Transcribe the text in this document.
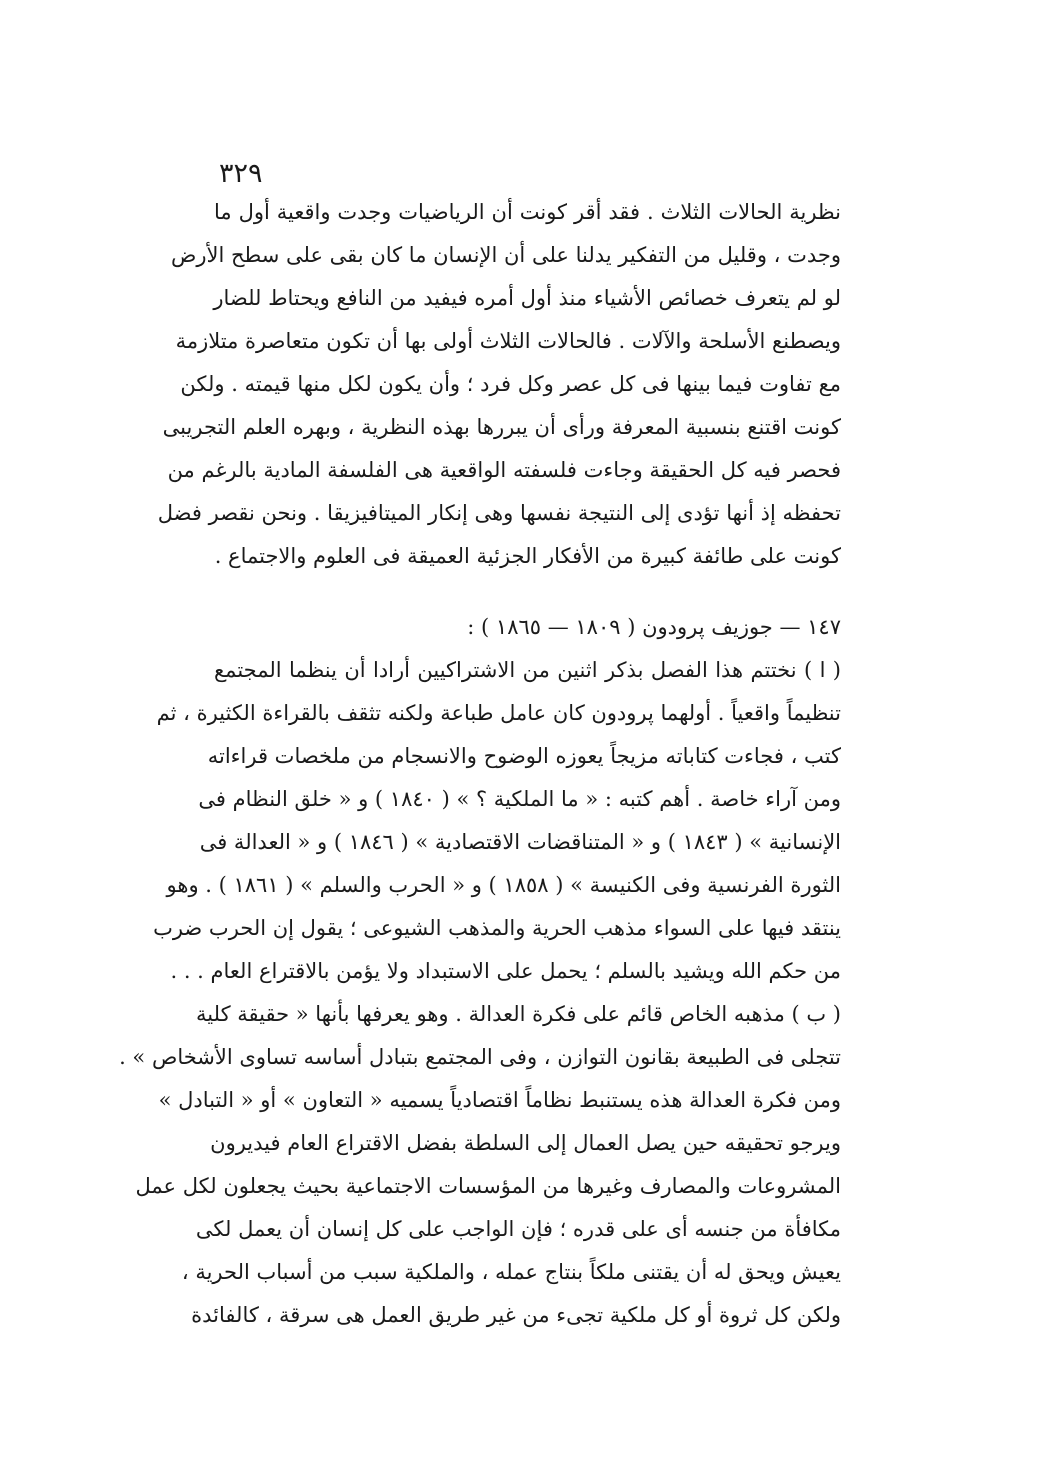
٣٢٩

نظرية الحالات الثلاث . فقد أقر كونت أن الرياضيات وجدت واقعية أول ما

وجدت ، وقليل من التفكير يدلنا على أن الإنسان ما كان بقى على سطح الأرض

لو لم يتعرف خصائص الأشياء منذ أول أمره فيفيد من النافع ويحتاط للضار

ويصطنع الأسلحة والآلات . فالحالات الثلاث أولى بها أن تكون متعاصرة متلازمة

مع تفاوت فيما بينها فى كل عصر وكل فرد ؛ وأن يكون لكل منها قيمته . ولكن

كونت اقتنع بنسبية المعرفة ورأى أن يبررها بهذه النظرية ، وبهره العلم التجريبى

فحصر فيه كل الحقيقة وجاءت فلسفته الواقعية هى الفلسفة المادية بالرغم من

تحفظه إذ أنها تؤدى إلى النتيجة نفسها وهى إنكار الميتافيزيقا . ونحن نقصر فضل

كونت على طائفة كبيرة من الأفكار الجزئية العميقة فى العلوم والاجتماع .

١٤٧ — جوزيف پرودون ( ١٨٠٩ — ١٨٦٥ ) :

( ا ) نختتم هذا الفصل بذكر اثنين من الاشتراكيين أرادا أن ينظما المجتمع

تنظيماً واقعياً . أولهما پرودون كان عامل طباعة ولكنه تثقف بالقراءة الكثيرة ، ثم

كتب ، فجاءت كتاباته مزيجاً يعوزه الوضوح والانسجام من ملخصات قراءاته

ومن آراء خاصة . أهم كتبه : « ما الملكية ؟ » ( ١٨٤٠ ) و « خلق النظام فى

الإنسانية » ( ١٨٤٣ ) و « المتناقضات الاقتصادية » ( ١٨٤٦ ) و « العدالة فى

الثورة الفرنسية وفى الكنيسة » ( ١٨٥٨ ) و « الحرب والسلم » ( ١٨٦١ ) . وهو

ينتقد فيها على السواء مذهب الحرية والمذهب الشيوعى ؛ يقول إن الحرب ضرب

من حكم الله ويشيد بالسلم ؛ يحمل على الاستبداد ولا يؤمن بالاقتراع العام . . .

( ب ) مذهبه الخاص قائم على فكرة العدالة . وهو يعرفها بأنها « حقيقة كلية

تتجلى فى الطبيعة بقانون التوازن ، وفى المجتمع بتبادل أساسه تساوى الأشخاص » .

ومن فكرة العدالة هذه يستنبط نظاماً اقتصادياً يسميه « التعاون » أو « التبادل »

ويرجو تحقيقه حين يصل العمال إلى السلطة بفضل الاقتراع العام فيديرون

المشروعات والمصارف وغيرها من المؤسسات الاجتماعية بحيث يجعلون لكل عمل

مكافأة من جنسه أى على قدره ؛ فإن الواجب على كل إنسان أن يعمل لكى

يعيش ويحق له أن يقتنى ملكاً بنتاج عمله ، والملكية سبب من أسباب الحرية ،

ولكن كل ثروة أو كل ملكية تجىء من غير طريق العمل هى سرقة ، كالفائدة
